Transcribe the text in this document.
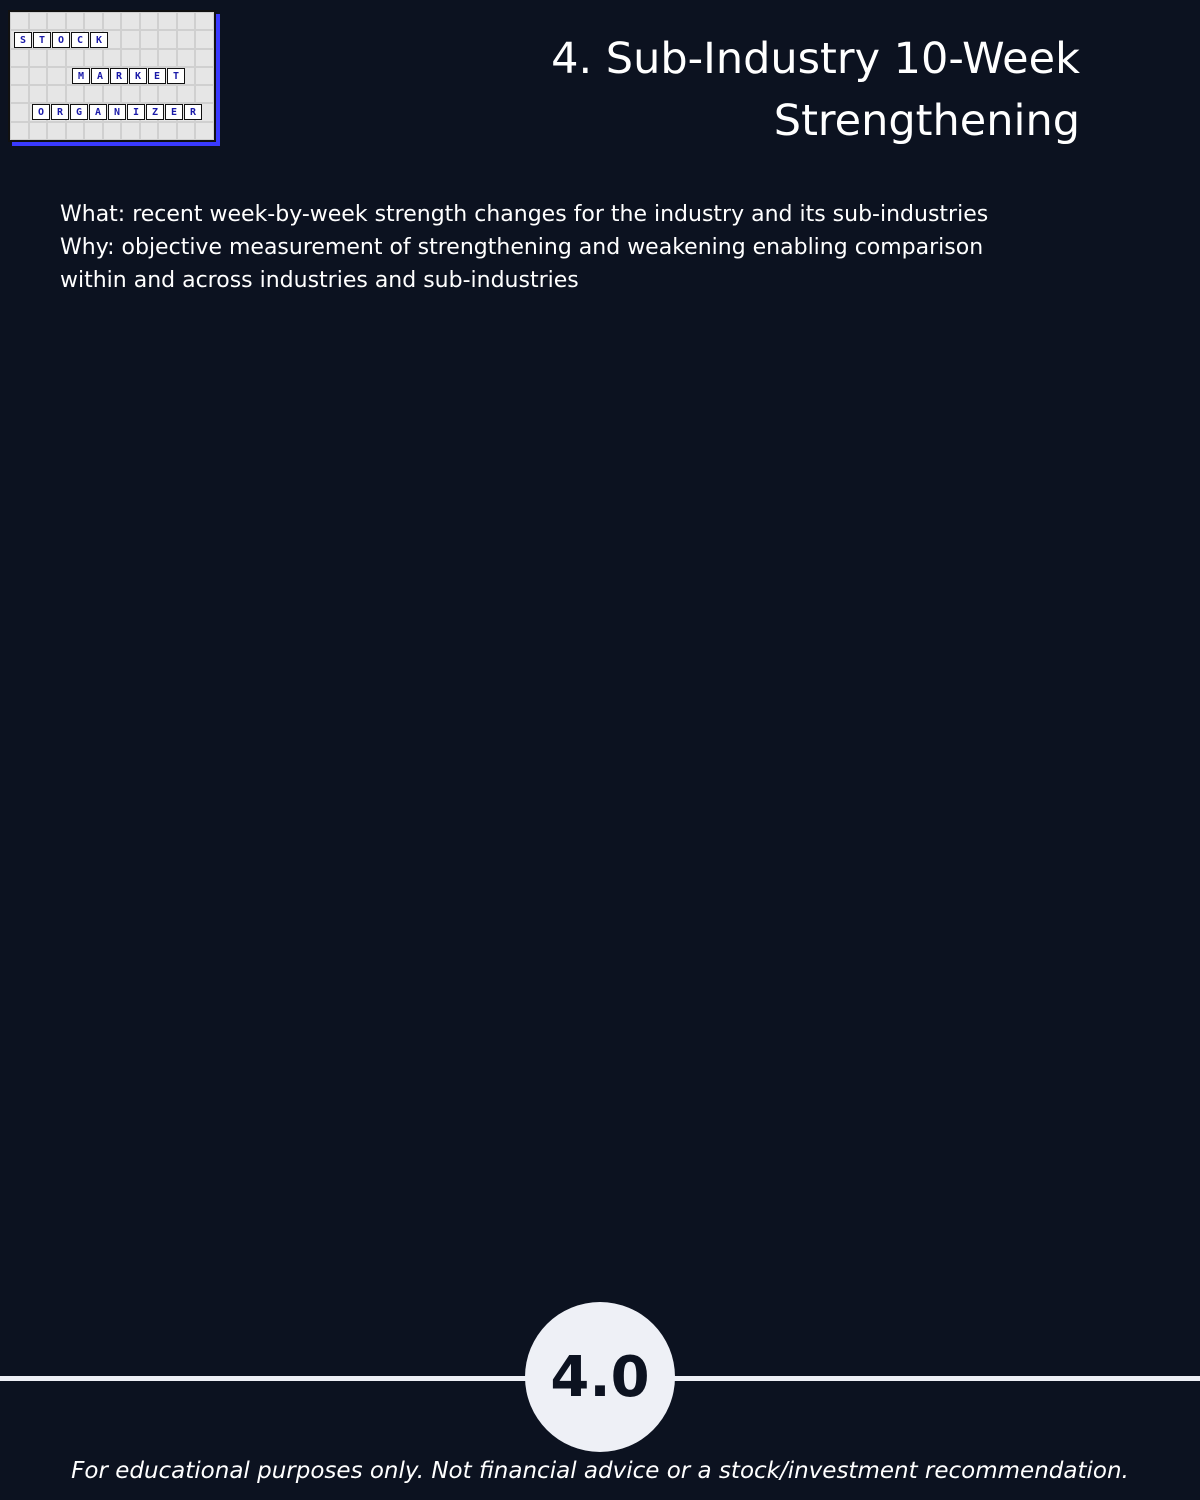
S	T	O	C	K
M	A	R	K	E	T
O	R	G	A	N	I	Z	E	R
4. Sub-Industry 10-Week
Strengthening
What: recent week-by-week strength changes for the industry and its sub-industries
Why: objective measurement of strengthening and weakening enabling comparison
within and across industries and sub-industries
4.0
For educational purposes only. Not financial advice or a stock/investment recommendation.
